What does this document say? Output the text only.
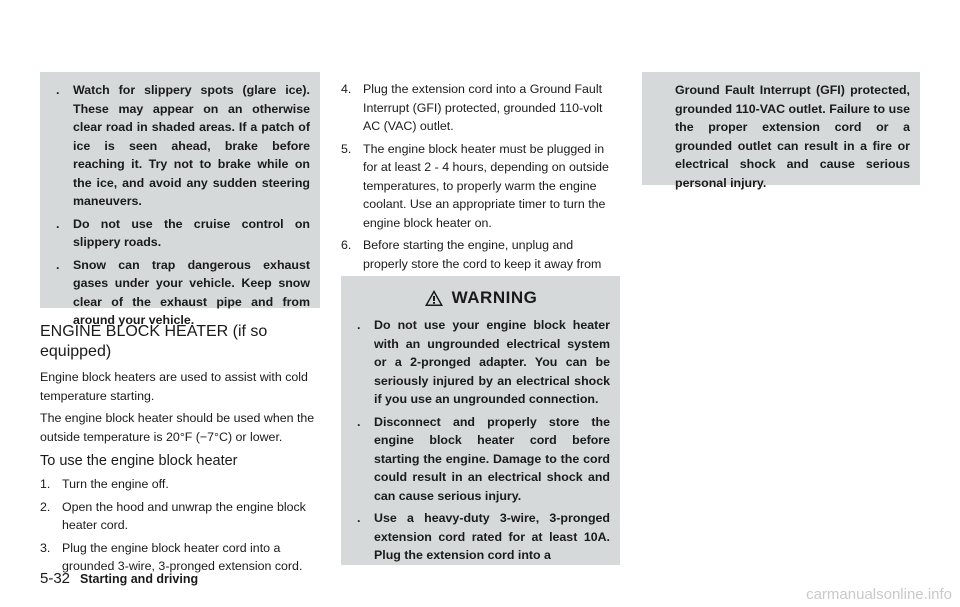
. Watch for slippery spots (glare ice). These may appear on an otherwise clear road in shaded areas. If a patch of ice is seen ahead, brake before reaching it. Try not to brake while on the ice, and avoid any sudden steering maneuvers.
. Do not use the cruise control on slippery roads.
. Snow can trap dangerous exhaust gases under your vehicle. Keep snow clear of the exhaust pipe and from around your vehicle.
ENGINE BLOCK HEATER (if so equipped)

Engine block heaters are used to assist with cold temperature starting.

The engine block heater should be used when the outside temperature is 20°F (−7°C) or lower.

To use the engine block heater
1. Turn the engine off.
2. Open the hood and unwrap the engine block heater cord.
3. Plug the engine block heater cord into a grounded 3-wire, 3-pronged extension cord.
4. Plug the extension cord into a Ground Fault Interrupt (GFI) protected, grounded 110-volt AC (VAC) outlet.
5. The engine block heater must be plugged in for at least 2 - 4 hours, depending on outside temperatures, to properly warm the engine coolant. Use an appropriate timer to turn the engine block heater on.
6. Before starting the engine, unplug and properly store the cord to keep it away from
WARNING
. Do not use your engine block heater with an ungrounded electrical system or a 2-pronged adapter. You can be seriously injured by an electrical shock if you use an ungrounded connection.
. Disconnect and properly store the engine block heater cord before starting the engine. Damage to the cord could result in an electrical shock and can cause serious injury.
. Use a heavy-duty 3-wire, 3-pronged extension cord rated for at least 10A. Plug the extension cord into a

Ground Fault Interrupt (GFI) protected, grounded 110-VAC outlet. Failure to use the proper extension cord or a grounded outlet can result in a fire or electrical shock and cause serious personal injury.

5-32 Starting and driving
carmanualsonline.info
